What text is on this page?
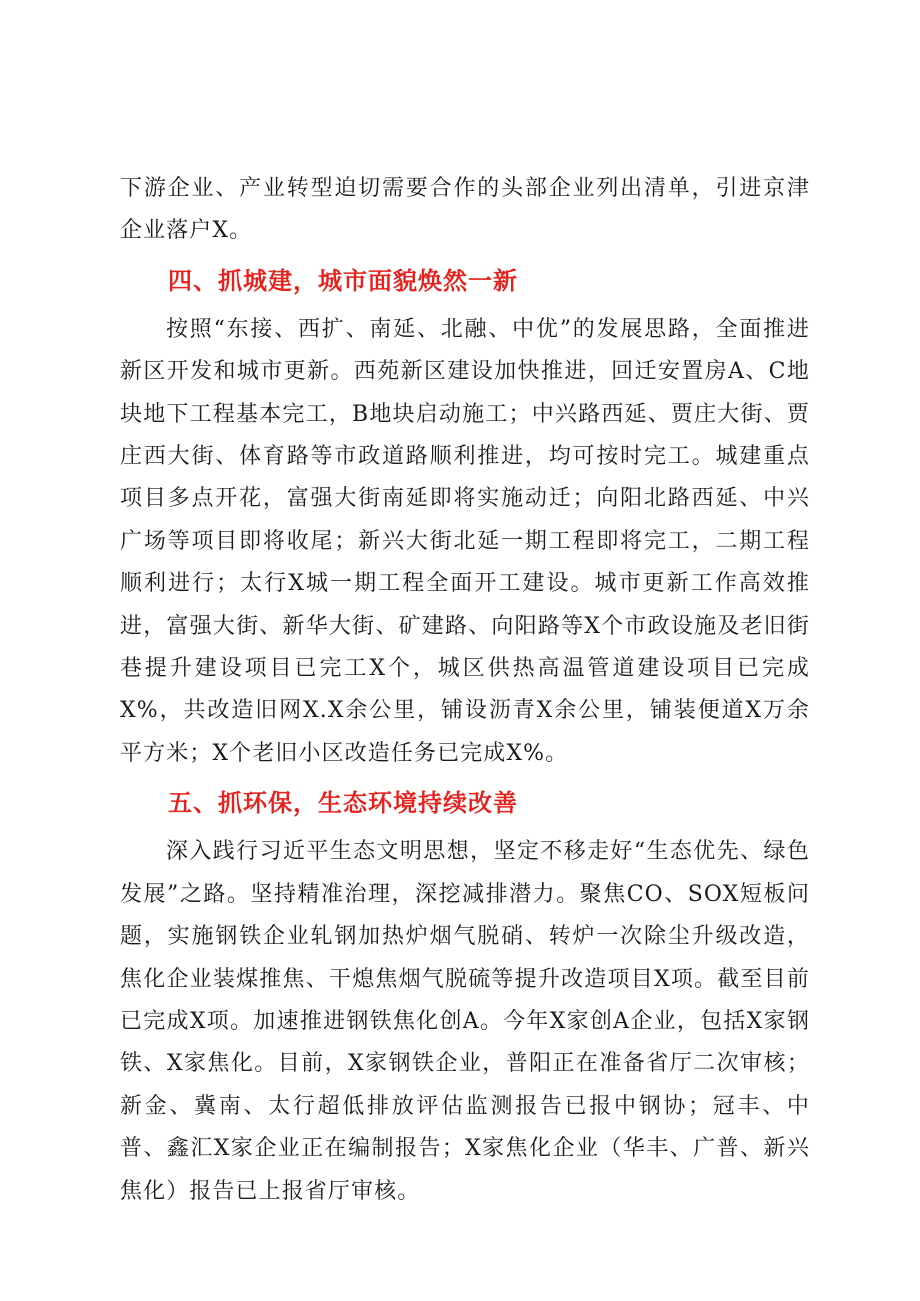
下游企业、产业转型迫切需要合作的头部企业列出清单，引进京津企业落户X。

四、抓城建，城市面貌焕然一新

按照“东接、西扩、南延、北融、中优”的发展思路，全面推进新区开发和城市更新。西苑新区建设加快推进，回迁安置房A、C地块地下工程基本完工，B地块启动施工；中兴路西延、贾庄大街、贾庄西大街、体育路等市政道路顺利推进，均可按时完工。城建重点项目多点开花，富强大街南延即将实施动迁；向阳北路西延、中兴广场等项目即将收尾；新兴大街北延一期工程即将完工，二期工程顺利进行；太行X城一期工程全面开工建设。城市更新工作高效推进，富强大街、新华大街、矿建路、向阳路等X个市政设施及老旧街巷提升建设项目已完工X个，城区供热高温管道建设项目已完成X%，共改造旧网X.X余公里，铺设沥青X余公里，铺装便道X万余平方米；X个老旧小区改造任务已完成X%。

五、抓环保，生态环境持续改善

深入践行习近平生态文明思想，坚定不移走好“生态优先、绿色发展”之路。坚持精准治理，深挖减排潜力。聚焦CO、SOX短板问题，实施钢铁企业轧钢加热炉烟气脱硝、转炉一次除尘升级改造，焦化企业装煤推焦、干熄焦烟气脱硫等提升改造项目X项。截至目前已完成X项。加速推进钢铁焦化创A。今年X家创A企业，包括X家钢铁、X家焦化。目前，X家钢铁企业，普阳正在准备省厅二次审核；新金、冀南、太行超低排放评估监测报告已报中钢协；冠丰、中普、鑫汇X家企业正在编制报告；X家焦化企业（华丰、广普、新兴焦化）报告已上报省厅审核。
